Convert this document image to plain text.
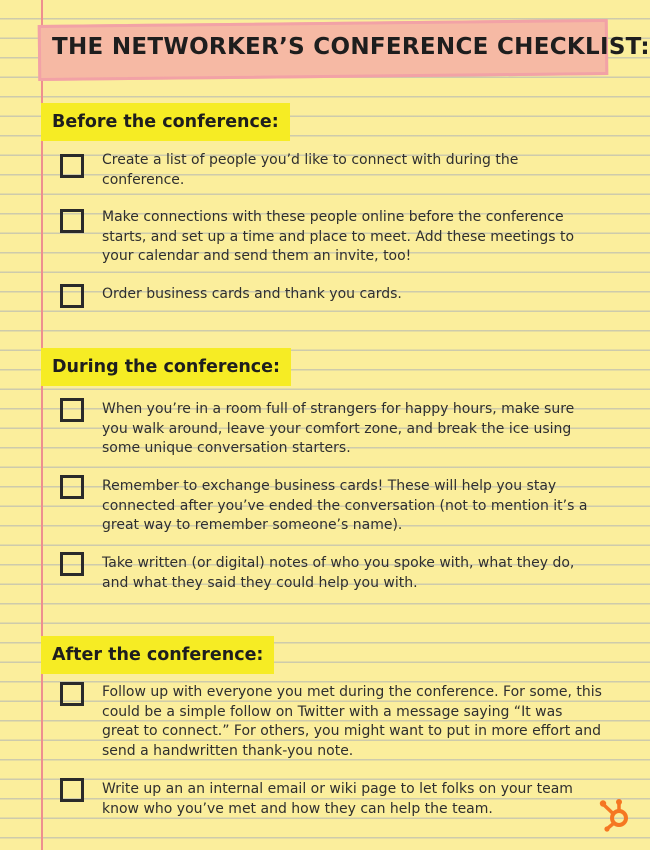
THE NETWORKER’S CONFERENCE CHECKLIST:
Before the conference:
Create a list of people you’d like to connect with during the conference.
Make connections with these people online before the conference starts, and set up a time and place to meet. Add these meetings to your calendar and send them an invite, too!
Order business cards and thank you cards.
During the conference:
When you’re in a room full of strangers for happy hours, make sure you walk around, leave your comfort zone, and break the ice using some unique conversation starters.
Remember to exchange business cards! These will help you stay connected after you’ve ended the conversation (not to mention it’s a great way to remember someone’s name).
Take written (or digital) notes of who you spoke with, what they do, and what they said they could help you with.
After the conference:
Follow up with everyone you met during the conference. For some, this could be a simple follow on Twitter with a message saying “It was great to connect.” For others, you might want to put in more effort and send a handwritten thank-you note.
Write up an an internal email or wiki page to let folks on your team know who you’ve met and how they can help the team.
